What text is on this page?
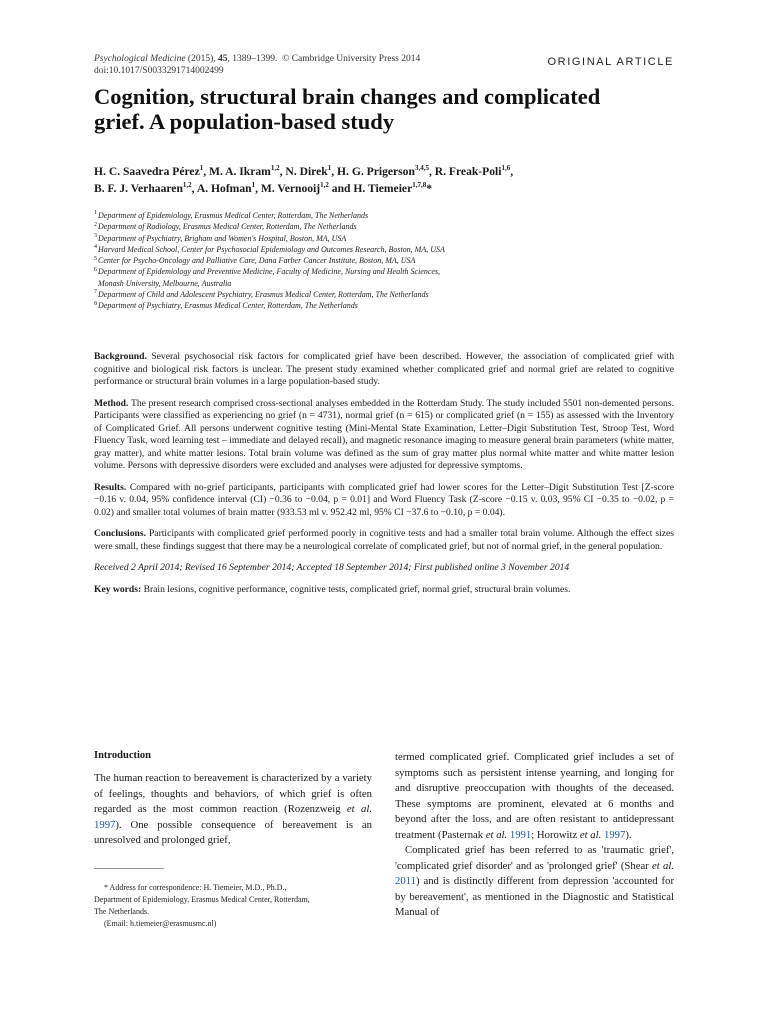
Psychological Medicine (2015), 45, 1389–1399. © Cambridge University Press 2014
doi:10.1017/S0033291714002499
ORIGINAL ARTICLE
Cognition, structural brain changes and complicated grief. A population-based study
H. C. Saavedra Pérez$^1$, M. A. Ikram$^{1,2}$, N. Direk$^1$, H. G. Prigerson$^{3,4,5}$, R. Freak-Poli$^{1,6}$,
B. F. J. Verhaaren$^{1,2}$, A. Hofman$^1$, M. Vernooij$^{1,2}$ and H. Tiemeier$^{1,7,8}$*
$^1$Department of Epidemiology, Erasmus Medical Center, Rotterdam, The Netherlands
$^2$Department of Radiology, Erasmus Medical Center, Rotterdam, The Netherlands
$^3$Department of Psychiatry, Brigham and Women's Hospital, Boston, MA, USA
$^4$Harvard Medical School, Center for Psychosocial Epidemiology and Outcomes Research, Boston, MA, USA
$^5$Center for Psycho-Oncology and Palliative Care, Dana Farber Cancer Institute, Boston, MA, USA
$^6$Department of Epidemiology and Preventive Medicine, Faculty of Medicine, Nursing and Health Sciences,
Monash University, Melbourne, Australia
$^7$Department of Child and Adolescent Psychiatry, Erasmus Medical Center, Rotterdam, The Netherlands
$^8$Department of Psychiatry, Erasmus Medical Center, Rotterdam, The Netherlands

Background. Several psychosocial risk factors for complicated grief have been described. However, the association of complicated grief with cognitive and biological risk factors is unclear. The present study examined whether complicated grief and normal grief are related to cognitive performance or structural brain volumes in a large population-based study.

Method. The present research comprised cross-sectional analyses embedded in the Rotterdam Study. The study included 5501 non-demented persons. Participants were classified as experiencing no grief (n = 4731), normal grief (n = 615) or complicated grief (n = 155) as assessed with the Inventory of Complicated Grief. All persons underwent cognitive testing (Mini-Mental State Examination, Letter–Digit Substitution Test, Stroop Test, Word Fluency Task, word learning test – immediate and delayed recall), and magnetic resonance imaging to measure general brain parameters (white matter, gray matter), and white matter lesions. Total brain volume was defined as the sum of gray matter plus normal white matter and white matter lesion volume. Persons with depressive disorders were excluded and analyses were adjusted for depressive symptoms.

Results. Compared with no-grief participants, participants with complicated grief had lower scores for the Letter–Digit Substitution Test [Z-score −0.16 v. 0.04, 95% confidence interval (CI) −0.36 to −0.04, p = 0.01] and Word Fluency Task (Z-score −0.15 v. 0.03, 95% CI −0.35 to −0.02, p = 0.02) and smaller total volumes of brain matter (933.53 ml v. 952.42 ml, 95% CI −37.6 to −0.10, p = 0.04).

Conclusions. Participants with complicated grief performed poorly in cognitive tests and had a smaller total brain volume. Although the effect sizes were small, these findings suggest that there may be a neurological correlate of complicated grief, but not of normal grief, in the general population.

Received 2 April 2014; Revised 16 September 2014; Accepted 18 September 2014; First published online 3 November 2014

Key words: Brain lesions, cognitive performance, cognitive tests, complicated grief, normal grief, structural brain volumes.

Introduction

The human reaction to bereavement is characterized by a variety of feelings, thoughts and behaviors, of which grief is often regarded as the most common reaction (Rozenzweig et al. 1997). One possible consequence of bereavement is an unresolved and prolonged grief,

* Address for correspondence: H. Tiemeier, M.D., Ph.D.,
Department of Epidemiology, Erasmus Medical Center, Rotterdam,
The Netherlands.
(Email: h.tiemeier@erasmusmc.nl)

termed complicated grief. Complicated grief includes a set of symptoms such as persistent intense yearning, and longing for and disruptive preoccupation with thoughts of the deceased. These symptoms are prominent, elevated at 6 months and beyond after the loss, and are often resistant to antidepressant treatment (Pasternak et al. 1991; Horowitz et al. 1997).

Complicated grief has been referred to as 'traumatic grief', 'complicated grief disorder' and as 'prolonged grief' (Shear et al. 2011) and is distinctly different from depression 'accounted for by bereavement', as mentioned in the Diagnostic and Statistical Manual of
